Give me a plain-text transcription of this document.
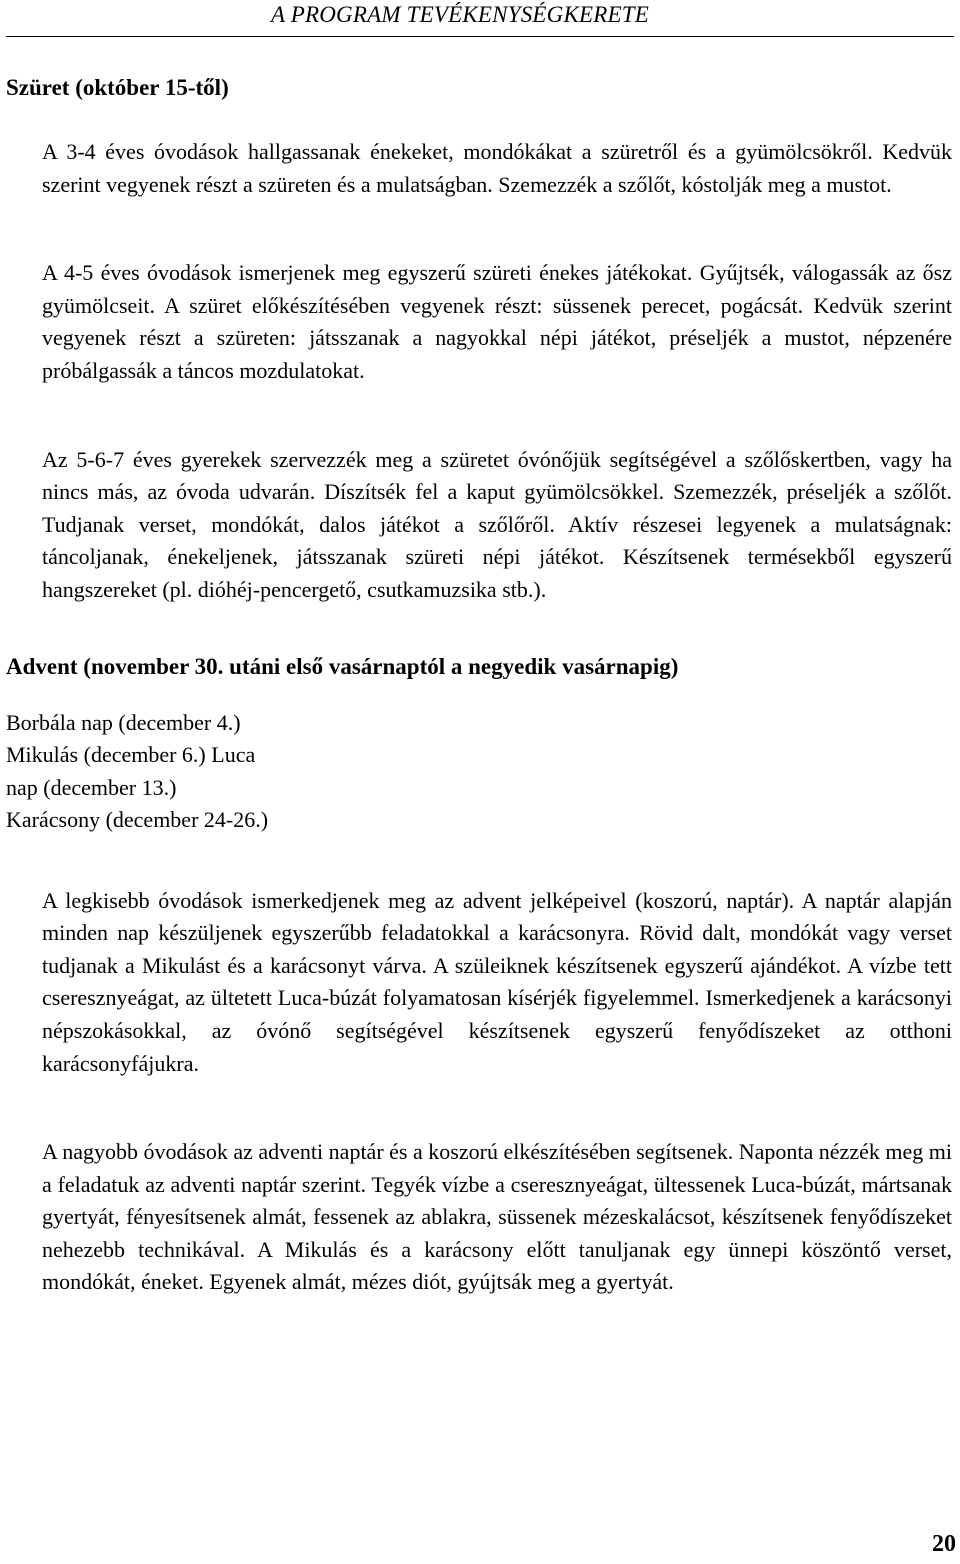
A PROGRAM TEVÉKENYSÉGKERETE
Szüret (október 15-től)

A 3-4 éves óvodások hallgassanak énekeket, mondókákat a szüretről és a gyümölcsökről. Kedvük szerint vegyenek részt a szüreten és a mulatságban. Szemezzék a szőlőt, kóstolják meg a mustot.

A 4-5 éves óvodások ismerjenek meg egyszerű szüreti énekes játékokat. Gyűjtsék, válogassák az ősz gyümölcseit. A szüret előkészítésében vegyenek részt: süssenek perecet, pogácsát. Kedvük szerint vegyenek részt a szüreten: játsszanak a nagyokkal népi játékot, préseljék a mustot, népzenére próbálgassák a táncos mozdulatokat.

Az 5-6-7 éves gyerekek szervezzék meg a szüretet óvónőjük segítségével a szőlőskertben, vagy ha nincs más, az óvoda udvarán. Díszítsék fel a kaput gyümölcsökkel. Szemezzék, préseljék a szőlőt. Tudjanak verset, mondókát, dalos játékot a szőlőről. Aktív részesei legyenek a mulatságnak: táncoljanak, énekeljenek, játsszanak szüreti népi játékot. Készítsenek termésekből egyszerű hangszereket (pl. dióhéj-pencergető, csutkamuzsika stb.).

Advent (november 30. utáni első vasárnaptól a negyedik vasárnapig)
Borbála nap (december 4.)
Mikulás (december 6.) Luca
nap (december 13.)
Karácsony (december 24-26.)

A legkisebb óvodások ismerkedjenek meg az advent jelképeivel (koszorú, naptár). A naptár alapján minden nap készüljenek egyszerűbb feladatokkal a karácsonyra. Rövid dalt, mondókát vagy verset tudjanak a Mikulást és a karácsonyt várva. A szüleiknek készítsenek egyszerű ajándékot. A vízbe tett cseresznyeágat, az ültetett Luca-búzát folyamatosan kísérjék figyelemmel. Ismerkedjenek a karácsonyi népszokásokkal, az óvónő segítségével készítsenek egyszerű fenyődíszeket az otthoni karácsonyfájukra.

A nagyobb óvodások az adventi naptár és a koszorú elkészítésében segítsenek. Naponta nézzék meg mi a feladatuk az adventi naptár szerint. Tegyék vízbe a cseresznyeágat, ültessenek Luca-búzát, mártsanak gyertyát, fényesítsenek almát, fessenek az ablakra, süssenek mézeskalácsot, készítsenek fenyődíszeket nehezebb technikával. A Mikulás és a karácsony előtt tanuljanak egy ünnepi köszöntő verset, mondókát, éneket. Egyenek almát, mézes diót, gyújtsák meg a gyertyát.

20
